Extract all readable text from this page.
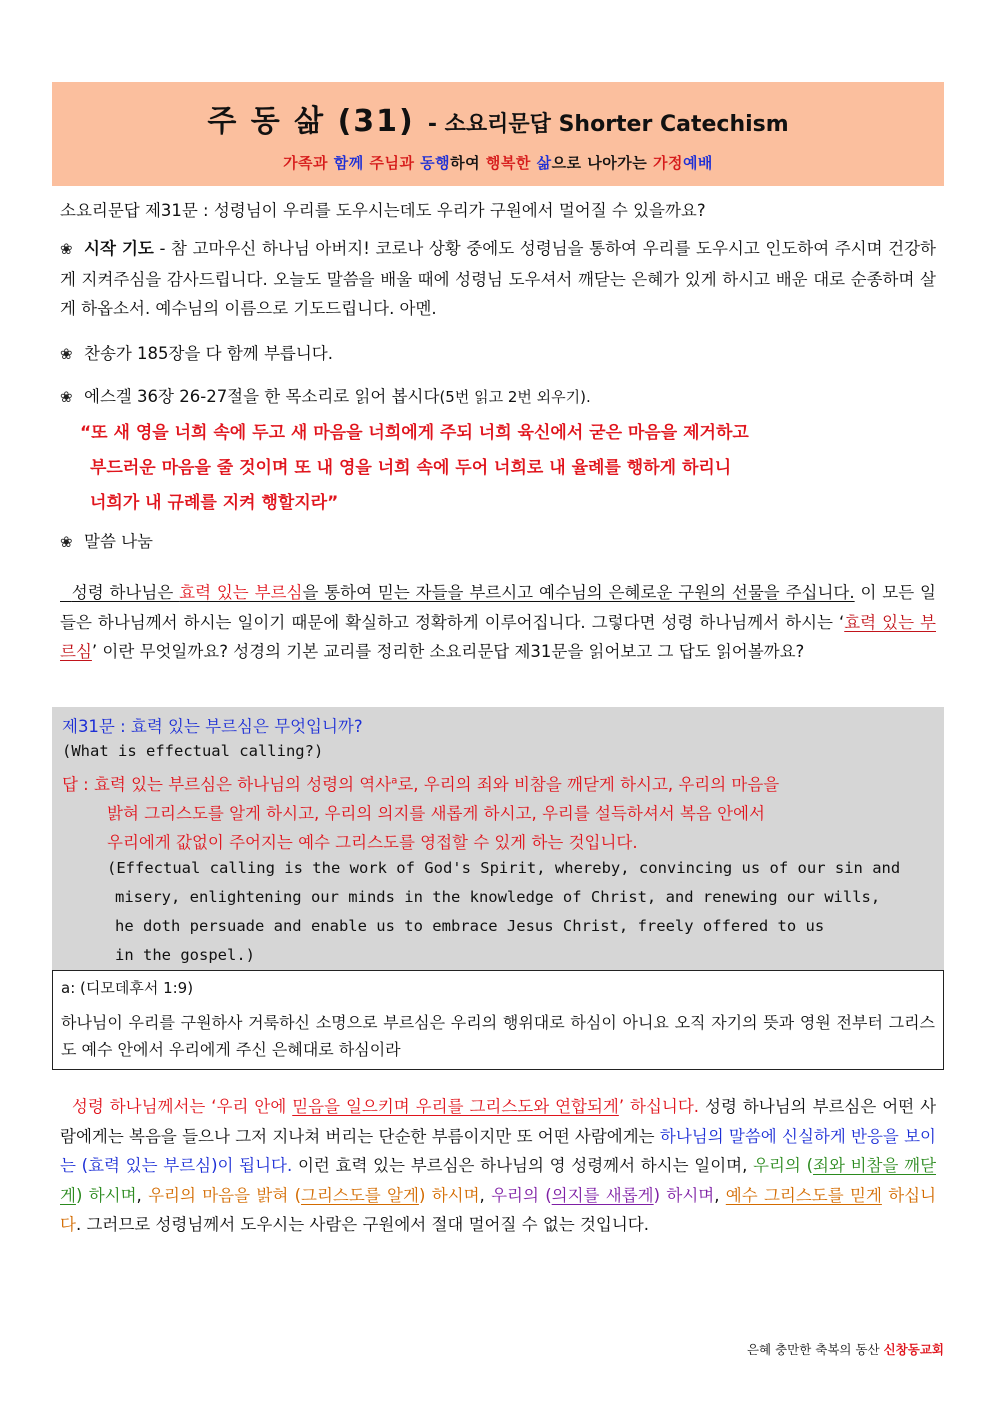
주 동 삶 (31) - 소요리문답 Shorter Catechism
가족과 함께 주님과 동행하여 행복한 삶으로 나아가는 가정예배
소요리문답 제31문 : 성령님이 우리를 도우시는데도 우리가 구원에서 멀어질 수 있을까요?
❀ 시작 기도 - 참 고마우신 하나님 아버지! 코로나 상황 중에도 성령님을 통하여 우리를 도우시고 인도하여 주시며 건강하게 지켜주심을 감사드립니다. 오늘도 말씀을 배울 때에 성령님 도우셔서 깨닫는 은혜가 있게 하시고 배운 대로 순종하며 살게 하옵소서. 예수님의 이름으로 기도드립니다. 아멘.
❀ 찬송가 185장을 다 함께 부릅니다.
❀ 에스겔 36장 26-27절을 한 목소리로 읽어 봅시다(5번 읽고 2번 외우기).
“또 새 영을 너희 속에 두고 새 마음을 너희에게 주되 너희 육신에서 굳은 마음을 제거하고
부드러운 마음을 줄 것이며 또 내 영을 너희 속에 두어 너희로 내 율례를 행하게 하리니
너희가 내 규례를 지켜 행할지라”
❀ 말씀 나눔
성령 하나님은 효력 있는 부르심을 통하여 믿는 자들을 부르시고 예수님의 은혜로운 구원의 선물을 주십니다. 이 모든 일들은 하나님께서 하시는 일이기 때문에 확실하고 정확하게 이루어집니다. 그렇다면 성령 하나님께서 하시는 ‘효력 있는 부르심’ 이란 무엇일까요? 성경의 기본 교리를 정리한 소요리문답 제31문을 읽어보고 그 답도 읽어볼까요?
제31문 : 효력 있는 부르심은 무엇입니까?
(What is effectual calling?)
답 : 효력 있는 부르심은 하나님의 성령의 역사$^a$로, 우리의 죄와 비참을 깨닫게 하시고, 우리의 마음을
밝혀 그리스도를 알게 하시고, 우리의 의지를 새롭게 하시고, 우리를 설득하셔서 복음 안에서
우리에게 값없이 주어지는 예수 그리스도를 영접할 수 있게 하는 것입니다.
(Effectual calling is the work of God's Spirit, whereby, convincing us of our sin and
misery, enlightening our minds in the knowledge of Christ, and renewing our wills,
he doth persuade and enable us to embrace Jesus Christ, freely offered to us
in the gospel.)
a: (디모데후서 1:9)
하나님이 우리를 구원하사 거룩하신 소명으로 부르심은 우리의 행위대로 하심이 아니요 오직 자기의 뜻과 영원 전부터 그리스도 예수 안에서 우리에게 주신 은혜대로 하심이라
성령 하나님께서는 ‘우리 안에 믿음을 일으키며 우리를 그리스도와 연합되게’ 하십니다. 성령 하나님의 부르심은 어떤 사람에게는 복음을 들으나 그저 지나쳐 버리는 단순한 부름이지만 또 어떤 사람에게는 하나님의 말씀에 신실하게 반응을 보이는 (효력 있는 부르심)이 됩니다. 이런 효력 있는 부르심은 하나님의 영 성령께서 하시는 일이며, 우리의 (죄와 비참을 깨닫게) 하시며, 우리의 마음을 밝혀 (그리스도를 알게) 하시며, 우리의 (의지를 새롭게) 하시며, 예수 그리스도를 믿게 하십니다. 그러므로 성령님께서 도우시는 사람은 구원에서 절대 멀어질 수 없는 것입니다.
은혜 충만한 축복의 동산 신창동교회
